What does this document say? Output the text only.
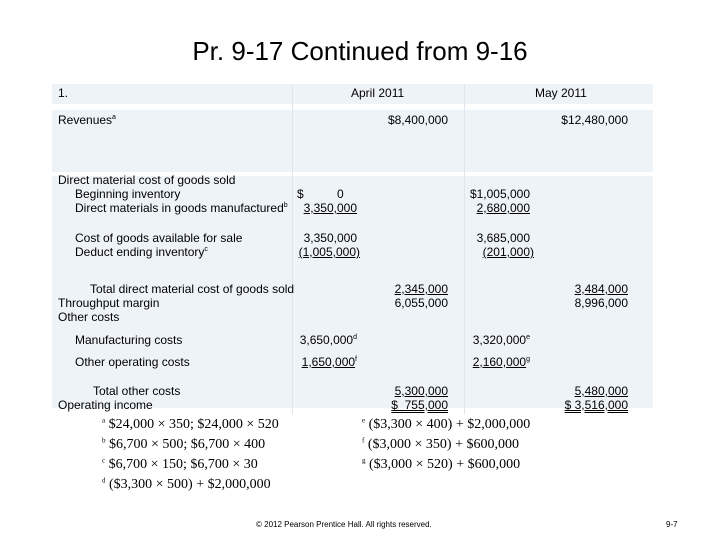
Pr. 9-17 Continued from 9-16
1.	April 2011	May 2011
Revenues$^a$	$8,400,000	$12,480,000
Direct material cost of goods sold
Beginning inventory	$          0	$1,005,000
Direct materials in goods manufactured$^b$ 3,350,000	2,680,000
Cost of goods available for sale	3,350,000	3,685,000
Deduct ending inventory$^c$	(1,005,000)	(201,000)
Total direct material cost of goods sold	2,345,000	3,484,000
Throughput margin	6,055,000	8,996,000
Other costs
Manufacturing costs	3,650,000$^d$	3,320,000e
Other operating costs	1,650,000$^f$	2,160,000$^g$
Total other costs	5,300,000	5,480,000
Operating income	$  755,000	$ 3,516,000
$^a$ $24,000 × 350; $24,000 × 520
$^b$ $6,700 × 500; $6,700 × 400
$^c$ $6,700 × 150; $6,700 × 30
$^d$ ($3,300 × 500) + $2,000,000
$^e$ ($3,300 × 400) + $2,000,000
$^f$ ($3,000 × 350) + $600,000
$^g$ ($3,000 × 520) + $600,000
© 2012 Pearson Prentice Hall. All rights reserved.	9-7
